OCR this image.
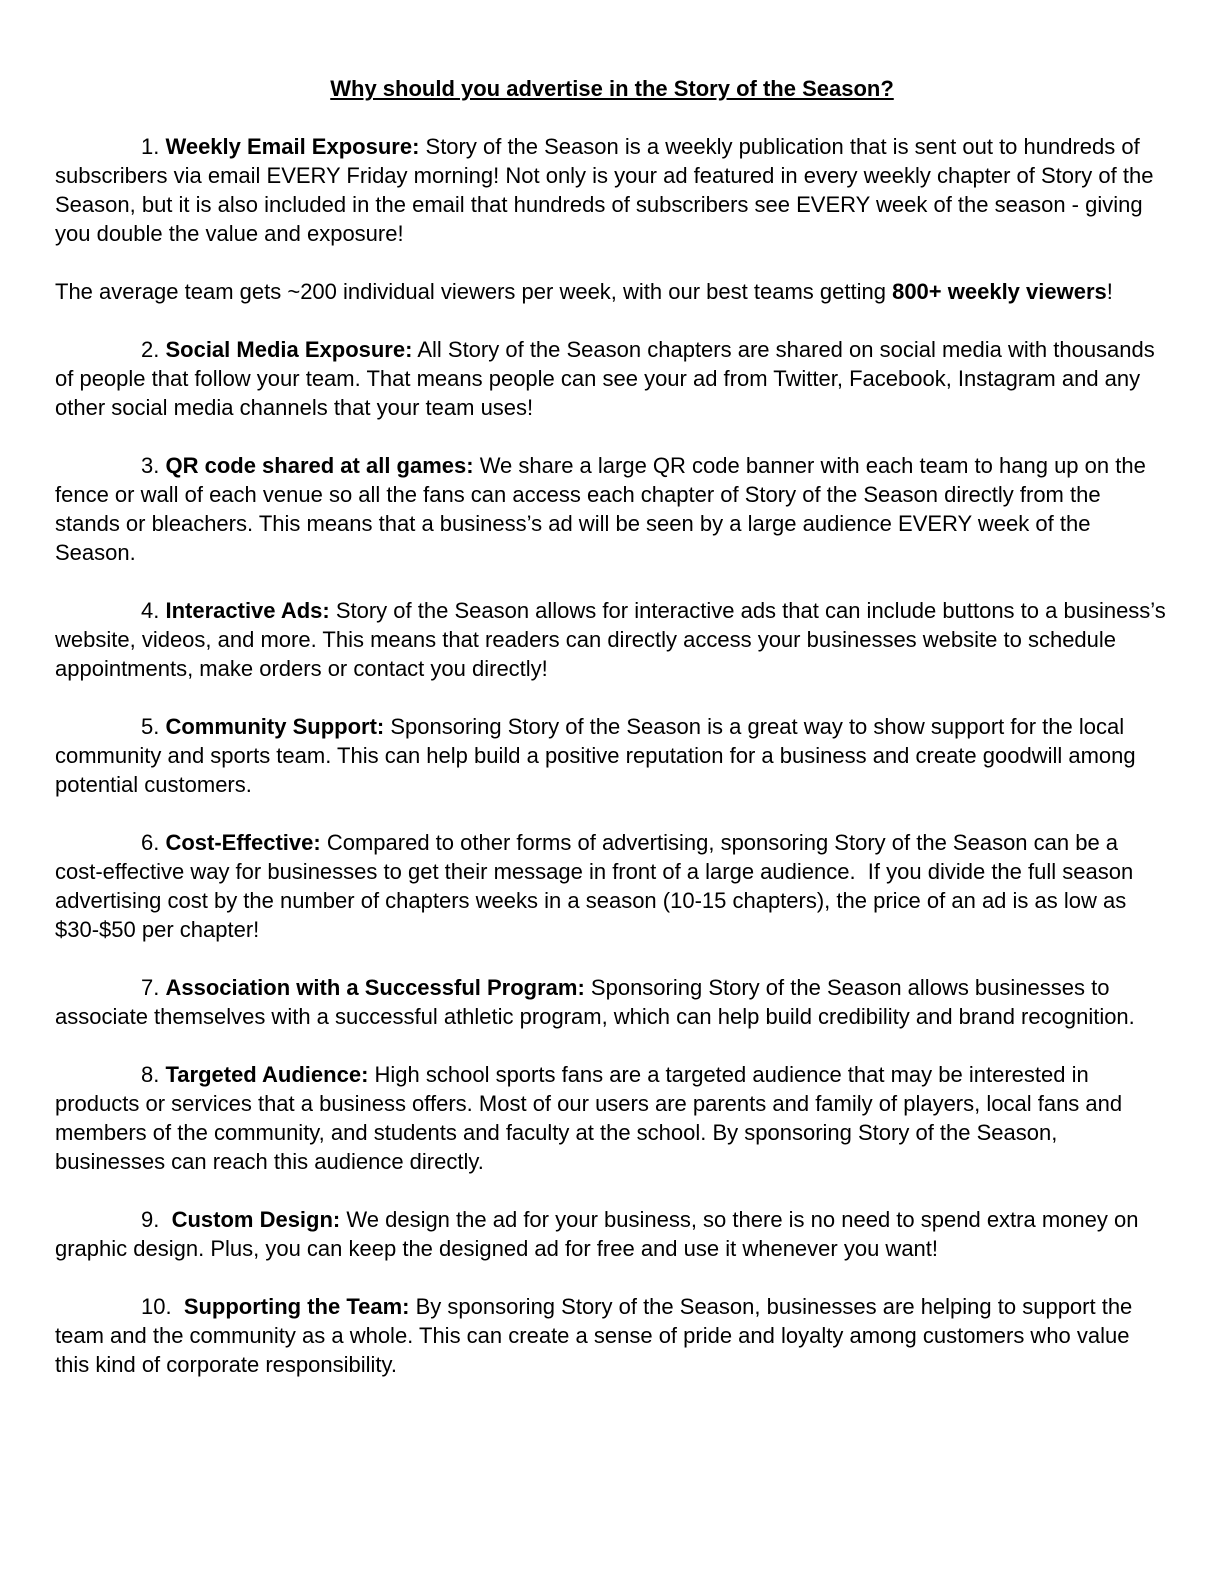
Why should you advertise in the Story of the Season?

1. Weekly Email Exposure: Story of the Season is a weekly publication that is sent out to hundreds of subscribers via email EVERY Friday morning! Not only is your ad featured in every weekly chapter of Story of the Season, but it is also included in the email that hundreds of subscribers see EVERY week of the season - giving you double the value and exposure!

The average team gets ~200 individual viewers per week, with our best teams getting 800+ weekly viewers!

2. Social Media Exposure: All Story of the Season chapters are shared on social media with thousands of people that follow your team. That means people can see your ad from Twitter, Facebook, Instagram and any other social media channels that your team uses!

3. QR code shared at all games: We share a large QR code banner with each team to hang up on the fence or wall of each venue so all the fans can access each chapter of Story of the Season directly from the stands or bleachers. This means that a business’s ad will be seen by a large audience EVERY week of the Season.

4. Interactive Ads: Story of the Season allows for interactive ads that can include buttons to a business’s website, videos, and more. This means that readers can directly access your businesses website to schedule appointments, make orders or contact you directly!

5. Community Support: Sponsoring Story of the Season is a great way to show support for the local community and sports team. This can help build a positive reputation for a business and create goodwill among potential customers.

6. Cost-Effective: Compared to other forms of advertising, sponsoring Story of the Season can be a cost-effective way for businesses to get their message in front of a large audience.  If you divide the full season advertising cost by the number of chapters weeks in a season (10-15 chapters), the price of an ad is as low as $30-$50 per chapter!

7. Association with a Successful Program: Sponsoring Story of the Season allows businesses to associate themselves with a successful athletic program, which can help build credibility and brand recognition.

8. Targeted Audience: High school sports fans are a targeted audience that may be interested in products or services that a business offers. Most of our users are parents and family of players, local fans and members of the community, and students and faculty at the school. By sponsoring Story of the Season, businesses can reach this audience directly.

9.  Custom Design: We design the ad for your business, so there is no need to spend extra money on graphic design. Plus, you can keep the designed ad for free and use it whenever you want!

10.  Supporting the Team: By sponsoring Story of the Season, businesses are helping to support the team and the community as a whole. This can create a sense of pride and loyalty among customers who value this kind of corporate responsibility.
